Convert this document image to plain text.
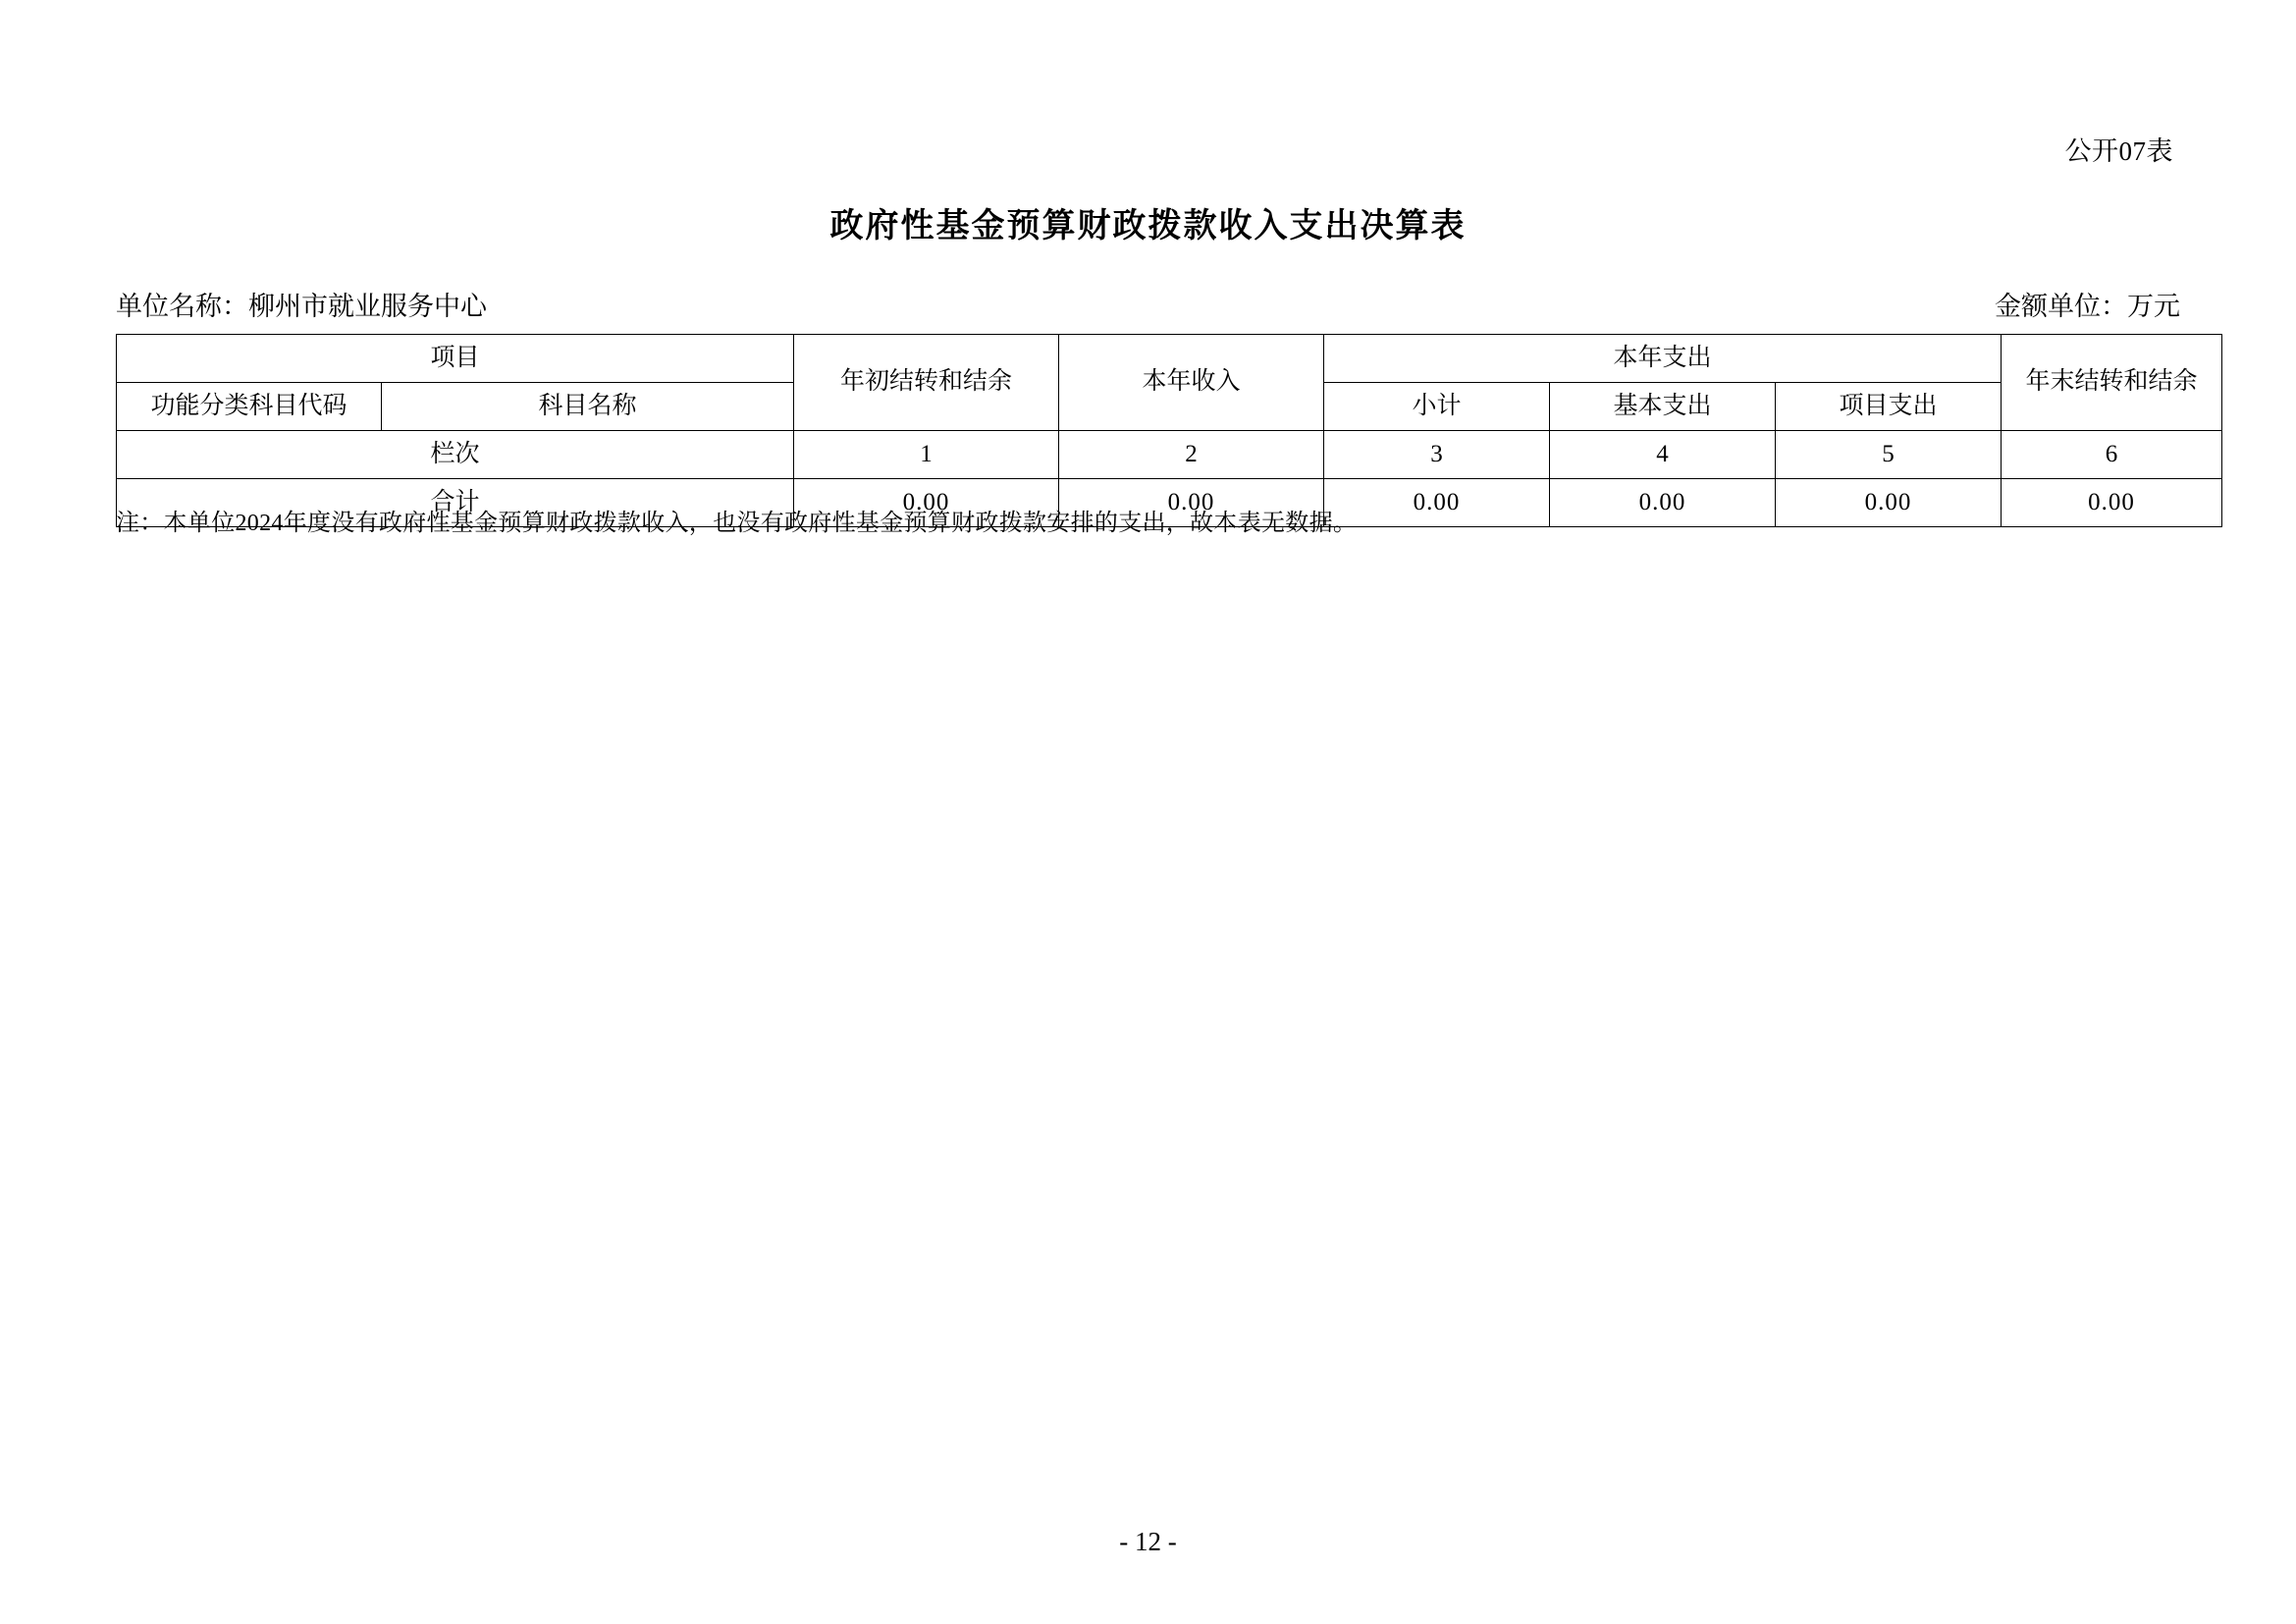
公开07表
政府性基金预算财政拨款收入支出决算表
单位名称：柳州市就业服务中心	金额单位：万元
项目		年初结转和结余	本年收入	本年支出			年末结转和结余
功能分类科目代码	科目名称			小计	基本支出	项目支出	
栏次		1	2	3	4	5	6
合计		0.00	0.00	0.00	0.00	0.00	0.00
注：本单位2024年度没有政府性基金预算财政拨款收入，也没有政府性基金预算财政拨款安排的支出，故本表无数据。
- 12 -
